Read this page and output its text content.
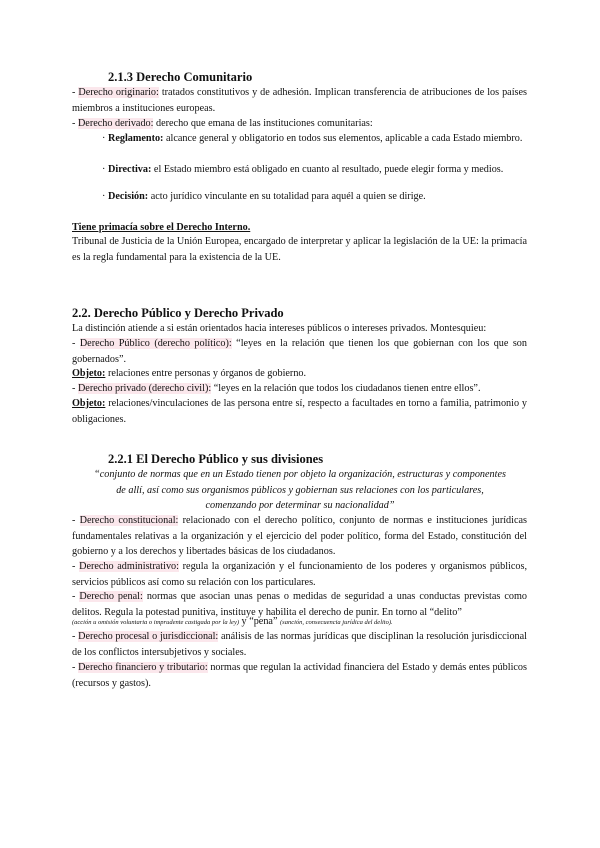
2.1.3 Derecho Comunitario
- Derecho originario: tratados constitutivos y de adhesión. Implican transferencia de atribuciones de los países miembros a instituciones europeas.
- Derecho derivado: derecho que emana de las instituciones comunitarias:
· Reglamento: alcance general y obligatorio en todos sus elementos, aplicable a cada Estado miembro.
· Directiva: el Estado miembro está obligado en cuanto al resultado, puede elegir forma y medios.
· Decisión: acto jurídico vinculante en su totalidad para aquél a quien se dirige.
Tiene primacía sobre el Derecho Interno.
Tribunal de Justicia de la Unión Europea, encargado de interpretar y aplicar la legislación de la UE: la primacía es la regla fundamental para la existencia de la UE.
2.2. Derecho Público y Derecho Privado
La distinción atiende a si están orientados hacia intereses públicos o intereses privados. Montesquieu:
- Derecho Público (derecho político): “leyes en la relación que tienen los que gobiernan con los que son gobernados”.
Objeto: relaciones entre personas y órganos de gobierno.
- Derecho privado (derecho civil): “leyes en la relación que todos los ciudadanos tienen entre ellos”.
Objeto: relaciones/vinculaciones de las persona entre sí, respecto a facultades en torno a familia, patrimonio y obligaciones.
2.2.1 El Derecho Público y sus divisiones
“conjunto de normas que en un Estado tienen por objeto la organización, estructuras y componentes de allí, así como sus organismos públicos y gobiernan sus relaciones con los particulares, comenzando por determinar su nacionalidad”
- Derecho constitucional: relacionado con el derecho político, conjunto de normas e instituciones jurídicas fundamentales relativas a la organización y el ejercicio del poder político, forma del Estado, constitución del gobierno y a los derechos y libertades básicas de los ciudadanos.
- Derecho administrativo: regula la organización y el funcionamiento de los poderes y organismos públicos, servicios públicos así como su relación con los particulares.
- Derecho penal: normas que asocian unas penas o medidas de seguridad a unas conductas previstas como delitos. Regula la potestad punitiva, instituye y habilita el derecho de punir. En torno al “delito”
(acción u omisión voluntaria o imprudente castigada por la ley) y “pena” (sanción, consecuencia jurídica del delito).
- Derecho procesal o jurisdiccional: análisis de las normas jurídicas que disciplinan la resolución jurisdiccional de los conflictos intersubjetivos y sociales.
- Derecho financiero y tributario: normas que regulan la actividad financiera del Estado y demás entes públicos (recursos y gastos).
